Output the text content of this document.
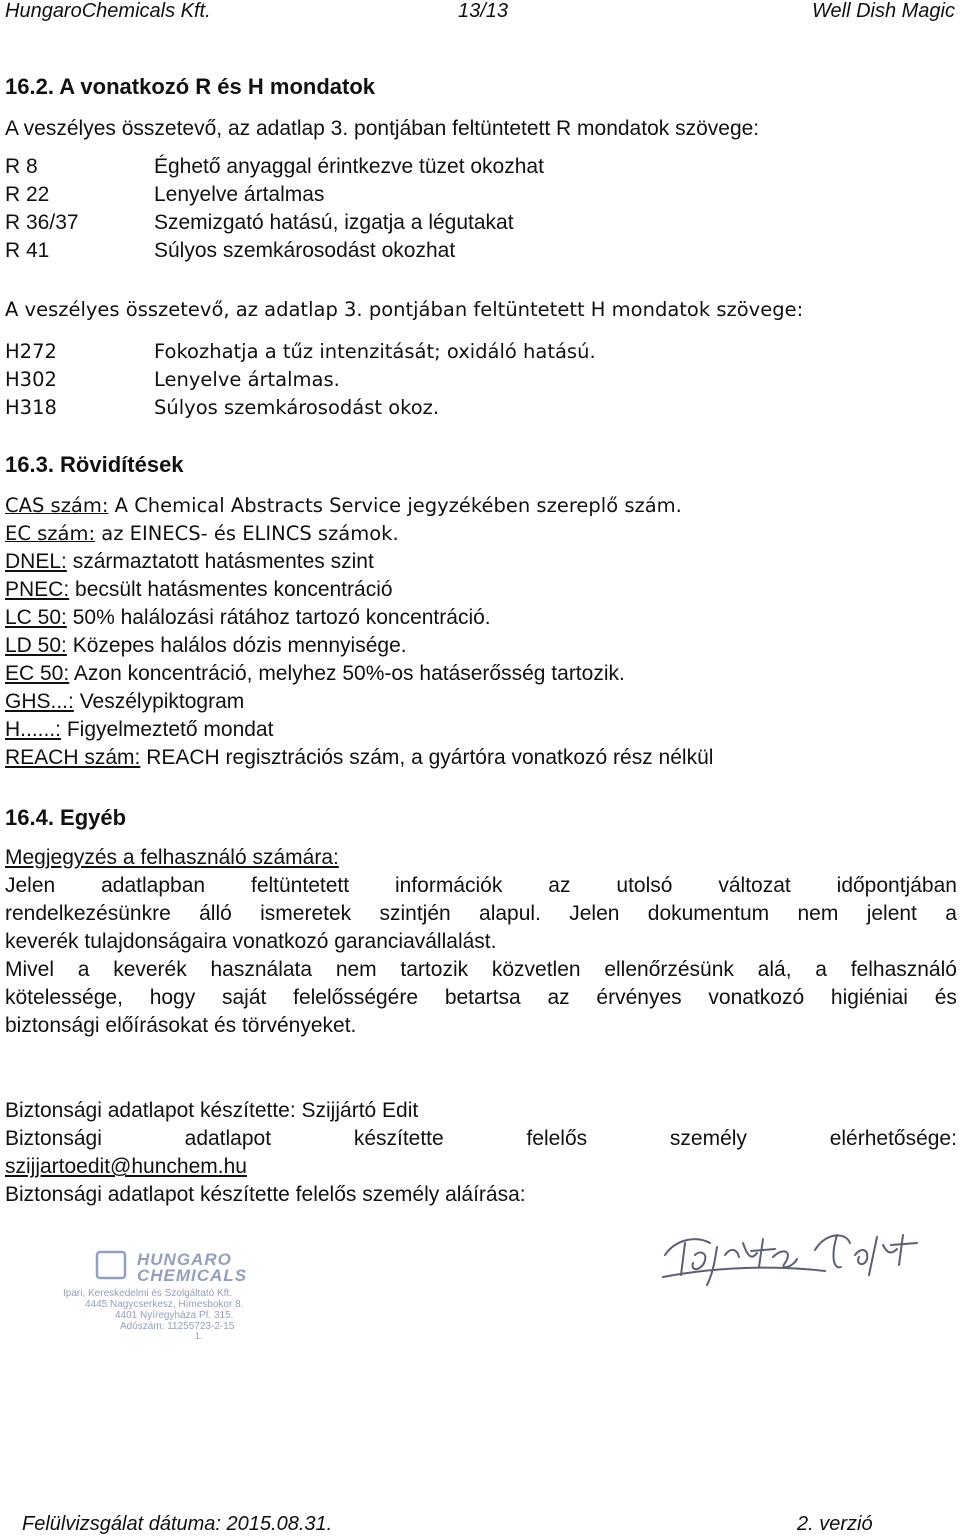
HungaroChemicals Kft.	13/13	Well Dish Magic
16.2. A vonatkozó R és H mondatok
A veszélyes összetevő, az adatlap 3. pontjában feltüntetett R mondatok szövege:
R 8	Éghető anyaggal érintkezve tüzet okozhat
R 22	Lenyelve ártalmas
R 36/37	Szemizgató hatású, izgatja a légutakat
R 41	Súlyos szemkárosodást okozhat
A veszélyes összetevő, az adatlap 3. pontjában feltüntetett H mondatok szövege:
H272	Fokozhatja a tűz intenzitását; oxidáló hatású.
H302	Lenyelve ártalmas.
H318	Súlyos szemkárosodást okoz.
16.3. Rövidítések
CAS szám: A Chemical Abstracts Service jegyzékében szereplő szám.
EC szám: az EINECS- és ELINCS számok.
DNEL: származtatott hatásmentes szint
PNEC: becsült hatásmentes koncentráció
LC 50: 50% halálozási rátához tartozó koncentráció.
LD 50: Közepes halálos dózis mennyisége.
EC 50: Azon koncentráció, melyhez 50%-os hatáserősség tartozik.
GHS...: Veszélypiktogram
H......: Figyelmeztető mondat
REACH szám: REACH regisztrációs szám, a gyártóra vonatkozó rész nélkül
16.4. Egyéb
Megjegyzés a felhasználó számára:
Jelen adatlapban feltüntetett információk az utolsó változat időpontjában
rendelkezésünkre álló ismeretek szintjén alapul. Jelen dokumentum nem jelent a
keverék tulajdonságaira vonatkozó garanciavállalást.
Mivel a keverék használata nem tartozik közvetlen ellenőrzésünk alá, a felhasználó
kötelessége, hogy saját felelősségére betartsa az érvényes vonatkozó higiéniai és
biztonsági előírásokat és törvényeket.
Biztonsági adatlapot készítette: Szijjártó Edit
Biztonsági	adatlapot	készítette	felelős	személy	elérhetősége:
szijjartoedit@hunchem.hu
Biztonsági adatlapot készítette felelős személy aláírása:
HUNGARO
CHEMICALS
Ipari, Kereskedelmi és Szolgáltató Kft.
4445 Nagycserkesz, Hímesbokor 8.
4401 Nyíregyháza Pf. 315.
Adószám: 11255723-2-15
1.
Felülvizsgálat dátuma: 2015.08.31.	2. verzió
